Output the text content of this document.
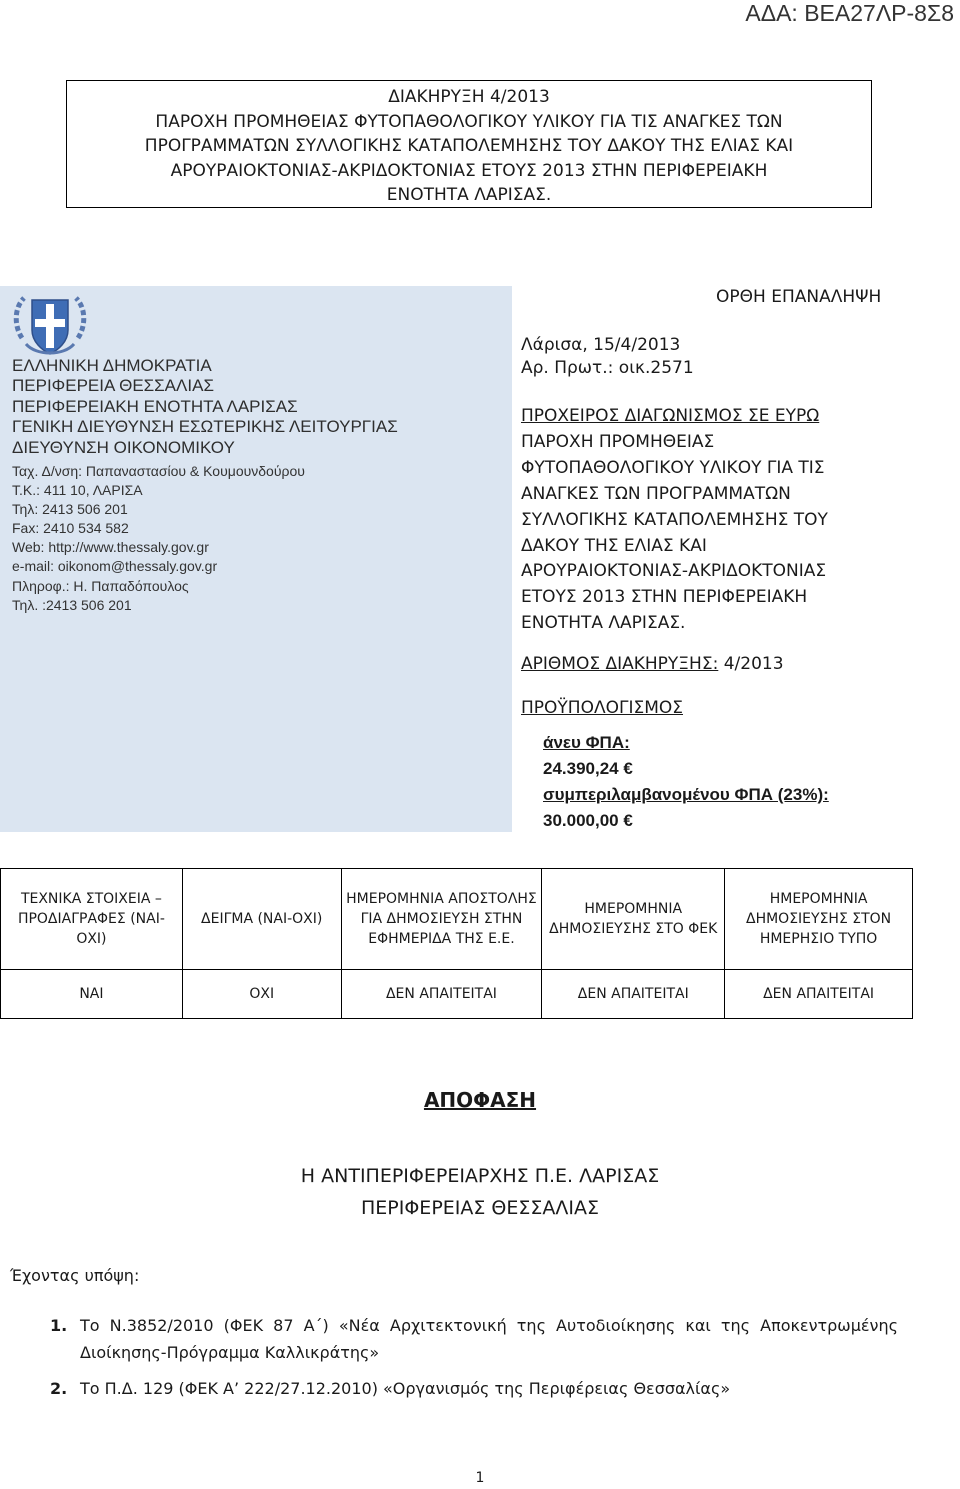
ΑΔΑ: ΒΕΑ27ΛΡ-8Σ8
ΔΙΑΚΗΡΥΞΗ 4/2013
ΠΑΡΟΧΗ ΠΡΟΜΗΘΕΙΑΣ ΦΥΤΟΠΑΘΟΛΟΓΙΚΟΥ ΥΛΙΚΟΥ ΓΙΑ ΤΙΣ ΑΝΑΓΚΕΣ ΤΩΝ
ΠΡΟΓΡΑΜΜΑΤΩΝ ΣΥΛΛΟΓΙΚΗΣ ΚΑΤΑΠΟΛΕΜΗΣΗΣ ΤΟΥ ΔΑΚΟΥ ΤΗΣ ΕΛΙΑΣ ΚΑΙ
ΑΡΟΥΡΑΙΟΚΤΟΝΙΑΣ-ΑΚΡΙΔΟΚΤΟΝΙΑΣ ΕΤΟΥΣ 2013 ΣΤΗΝ ΠΕΡΙΦΕΡΕΙΑΚΗ
ΕΝΟΤΗΤΑ ΛΑΡΙΣΑΣ.
ΕΛΛΗΝΙΚΗ ΔΗΜΟΚΡΑΤΙΑ
ΠΕΡΙΦΕΡΕΙΑ ΘΕΣΣΑΛΙΑΣ
ΠΕΡΙΦΕΡΕΙΑΚΗ ΕΝΟΤΗΤΑ ΛΑΡΙΣΑΣ
ΓΕΝΙΚΗ ΔΙΕΥΘΥΝΣΗ ΕΣΩΤΕΡΙΚΗΣ ΛΕΙΤΟΥΡΓΙΑΣ
ΔΙΕΥΘΥΝΣΗ ΟΙΚΟΝΟΜΙΚΟΥ
Ταχ. Δ/νση: Παπαναστασίου & Κουμουνδούρου
Τ.Κ.: 411 10, ΛΑΡΙΣΑ
Τηλ: 2413 506 201
Fax: 2410 534 582
Web: http://www.thessaly.gov.gr
e-mail: oikonom@thessaly.gov.gr
Πληροφ.: Η. Παπαδόπουλος
Τηλ. :2413 506 201
ΟΡΘΗ ΕΠΑΝΑΛΗΨΗ
Λάρισα, 15/4/2013
Αρ. Πρωτ.: οικ.2571
ΠΡΟΧΕΙΡΟΣ ΔΙΑΓΩΝΙΣΜΟΣ ΣΕ ΕΥΡΩ
ΠΑΡΟΧΗ ΠΡΟΜΗΘΕΙΑΣ
ΦΥΤΟΠΑΘΟΛΟΓΙΚΟΥ ΥΛΙΚΟΥ ΓΙΑ ΤΙΣ
ΑΝΑΓΚΕΣ ΤΩΝ ΠΡΟΓΡΑΜΜΑΤΩΝ
ΣΥΛΛΟΓΙΚΗΣ ΚΑΤΑΠΟΛΕΜΗΣΗΣ ΤΟΥ
ΔΑΚΟΥ ΤΗΣ ΕΛΙΑΣ ΚΑΙ
ΑΡΟΥΡΑΙΟΚΤΟΝΙΑΣ-ΑΚΡΙΔΟΚΤΟΝΙΑΣ
ΕΤΟΥΣ 2013 ΣΤΗΝ ΠΕΡΙΦΕΡΕΙΑΚΗ
ΕΝΟΤΗΤΑ ΛΑΡΙΣΑΣ.
ΑΡΙΘΜΟΣ ΔΙΑΚΗΡΥΞΗΣ: 4/2013
ΠΡΟΫΠΟΛΟΓΙΣΜΟΣ
άνευ ΦΠΑ:
24.390,24 €
συμπεριλαμβανομένου ΦΠΑ (23%):
30.000,00 €
ΤΕΧΝΙΚΑ ΣΤΟΙΧΕΙΑ – ΠΡΟΔΙΑΓΡΑΦΕΣ (ΝΑΙ-ΟΧΙ)	ΔΕΙΓΜΑ (ΝΑΙ-ΟΧΙ)	ΗΜΕΡΟΜΗΝΙΑ ΑΠΟΣΤΟΛΗΣ ΓΙΑ ΔΗΜΟΣΙΕΥΣΗ ΣΤΗΝ ΕΦΗΜΕΡΙΔΑ ΤΗΣ Ε.Ε.	ΗΜΕΡΟΜΗΝΙΑ ΔΗΜΟΣΙΕΥΣΗΣ ΣΤΟ ΦΕΚ	ΗΜΕΡΟΜΗΝΙΑ ΔΗΜΟΣΙΕΥΣΗΣ ΣΤΟΝ ΗΜΕΡΗΣΙΟ ΤΥΠΟ
ΝΑΙ	ΟΧΙ	ΔΕΝ ΑΠΑΙΤΕΙΤΑΙ	ΔΕΝ ΑΠΑΙΤΕΙΤΑΙ	ΔΕΝ ΑΠΑΙΤΕΙΤΑΙ
ΑΠΟΦΑΣΗ
Η ΑΝΤΙΠΕΡΙΦΕΡΕΙΑΡΧΗΣ Π.Ε. ΛΑΡΙΣΑΣ
ΠΕΡΙΦΕΡΕΙΑΣ ΘΕΣΣΑΛΙΑΣ
Έχοντας υπόψη:
1. Το Ν.3852/2010 (ΦΕΚ 87 Α΄) «Νέα Αρχιτεκτονική της Αυτοδιοίκησης και της Αποκεντρωμένης Διοίκησης-Πρόγραμμα Καλλικράτης»
2. Το Π.Δ. 129 (ΦΕΚ Α’ 222/27.12.2010) «Οργανισμός της Περιφέρειας Θεσσαλίας»
1
